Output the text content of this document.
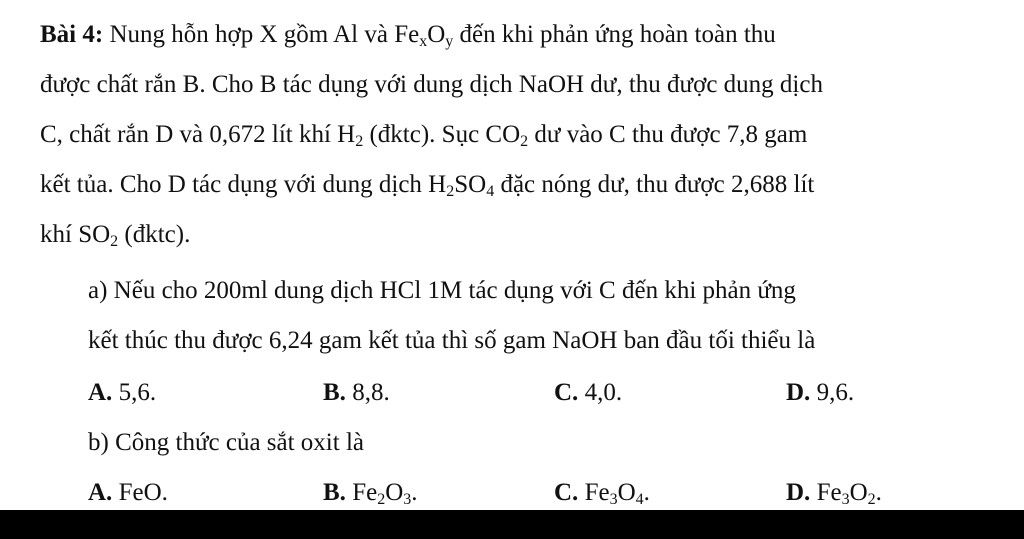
Bài 4: Nung hỗn hợp X gồm Al và $Fe_xO_y$ đến khi phản ứng hoàn toàn thu
được chất rắn B. Cho B tác dụng với dung dịch NaOH dư, thu được dung dịch
C, chất rắn D và 0,672 lít khí $H_2$ (đktc). Sục $CO_2$ dư vào C thu được 7,8 gam
kết tủa. Cho D tác dụng với dung dịch $H_2SO_4$ đặc nóng dư, thu được 2,688 lít
khí $SO_2$ (đktc).
a) Nếu cho 200ml dung dịch HCl 1M tác dụng với C đến khi phản ứng
kết thúc thu được 6,24 gam kết tủa thì số gam NaOH ban đầu tối thiểu là
A. 5,6.	B. 8,8.	C. 4,0.	D. 9,6.
b) Công thức của sắt oxit là
A. FeO.	B. $Fe_2O_3$.	C. $Fe_3O_4$.	D. $Fe_3O_2$.
